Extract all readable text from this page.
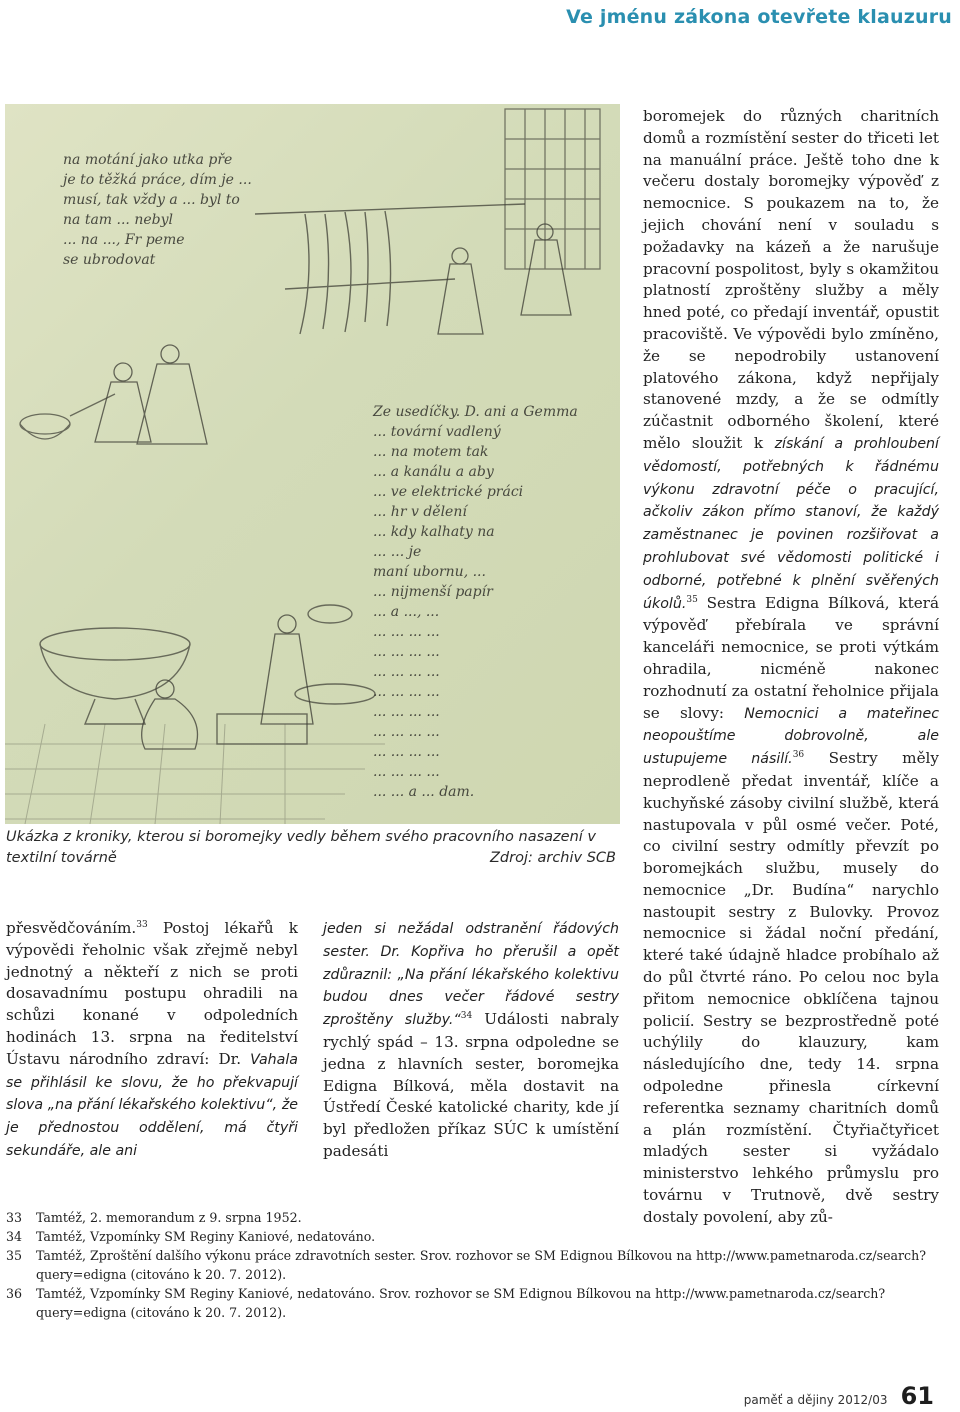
Ve jménu zákona otevřete klauzuru
na motání jako utka pře
je to těžká práce, dím je ...
musí, tak vždy a ... byl to
na tam ... nebyl
... na ..., Fr peme
se ubrodovat
Ze usedíčky. D. ani a Gemma
... tovární vadlený
... na motem tak
... a kanálu a aby
... ve elektrické práci
... hr v dělení
... kdy kalhaty na
... ... je
maní ubornu, ...
... nijmenší papír
... a ..., ...
... ... ... ...
... ... ... ...
... ... ... ...
... ... ... ...
... ... ... ...
... ... ... ...
... ... ... ...
... ... ... ...
... ... a ... dam.
Ukázka z kroniky, kterou si boromejky vedly během svého pracovního nasazení v textilní továrně	Zdroj: archiv SCB

přesvědčováním.$^{33}$ Postoj lékařů k výpovědi řeholnic však zřejmě nebyl jednotný a někteří z nich se proti dosavadnímu postupu ohradili na schůzi konané v odpoledních hodinách 13. srpna na ředitelství Ústavu národního zdraví: Dr. Vahala se přihlásil ke slovu, že ho překvapují slova „na přání lékařského kolektivu“, že je přednostou oddělení, má čtyři sekundáře, ale ani

jeden si nežádal odstranění řádových sester. Dr. Kopřiva ho přerušil a opět zdůraznil: „Na přání lékařského kolektivu budou dnes večer řádové sestry zproštěny služby.“$^{34}$ Události nabraly rychlý spád – 13. srpna odpoledne se jedna z hlavních sester, boromejka Edigna Bílková, měla dostavit na Ústředí České katolické charity, kde jí byl předložen příkaz SÚC k umístění padesáti

boromejek do různých charitních domů a rozmístění sester do třiceti let na manuální práce. Ještě toho dne k večeru dostaly boromejky výpověď z nemocnice. S poukazem na to, že jejich chování není v souladu s požadavky na kázeň a že narušuje pracovní pospolitost, byly s okamžitou platností zproštěny služby a měly hned poté, co předají inventář, opustit pracoviště. Ve výpovědi bylo zmíněno, že se nepodrobily ustanovení platového zákona, když nepřijaly stanovené mzdy, a že se odmítly zúčastnit odborného školení, které mělo sloužit k získání a prohloubení vědomostí, potřebných k řádnému výkonu zdravotní péče o pracující, ačkoliv zákon přímo stanoví, že každý zaměstnanec je povinen rozšiřovat a prohlubovat své vědomosti politické i odborné, potřebné k plnění svěřených úkolů.$^{35}$ Sestra Edigna Bílková, která výpověď přebírala ve správní kanceláři nemocnice, se proti výtkám ohradila, nicméně nakonec rozhodnutí za ostatní řeholnice přijala se slovy: Nemocnici a mateřinec neopouštíme dobrovolně, ale ustupujeme násilí.$^{36}$ Sestry měly neprodleně předat inventář, klíče a kuchyňské zásoby civilní službě, která nastupovala v půl osmé večer. Poté, co civilní sestry odmítly převzít po boromejkách službu, musely do nemocnice „Dr. Budína“ narychlo nastoupit sestry z Bulovky. Provoz nemocnice si žádal noční předání, které také údajně hladce probíhalo až do půl čtvrté ráno. Po celou noc byla přitom nemocnice obklíčena tajnou policií. Sestry se bezprostředně poté uchýlily do klauzury, kam následujícího dne, tedy 14. srpna odpoledne přinesla církevní referentka seznamy charitních domů a plán rozmístění. Čtyřiačtyřicet mladých sester si vyžádalo ministerstvo lehkého průmyslu pro továrnu v Trutnově, dvě sestry dostaly povolení, aby zů-

33	Tamtéž, 2. memorandum z 9. srpna 1952.
34	Tamtéž, Vzpomínky SM Reginy Kaniové, nedatováno.
35	Tamtéž, Zproštění dalšího výkonu práce zdravotních sester. Srov. rozhovor se SM Edignou Bílkovou na http://www.pametnaroda.cz/search?query=edigna (citováno k 20. 7. 2012).
36	Tamtéž, Vzpomínky SM Reginy Kaniové, nedatováno. Srov. rozhovor se SM Edignou Bílkovou na http://www.pametnaroda.cz/search?query=edigna (citováno k 20. 7. 2012).
paměť a dějiny 2012/03 61
